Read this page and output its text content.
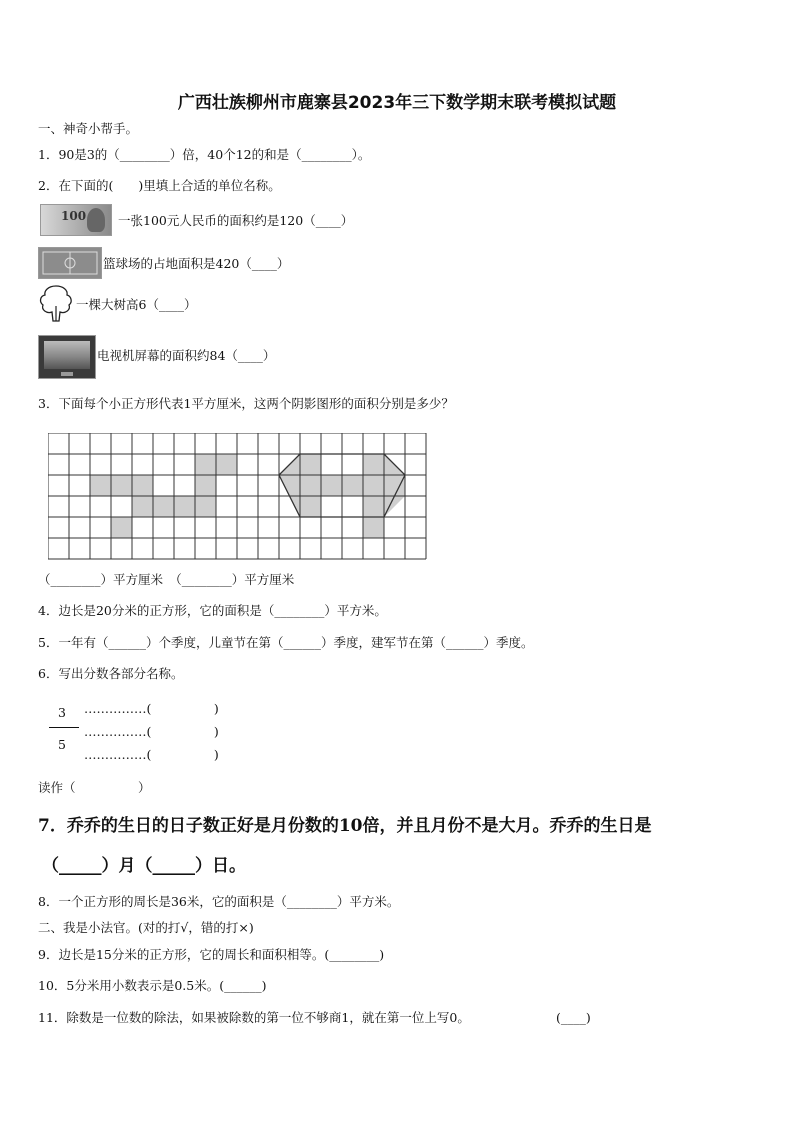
广西壮族柳州市鹿寨县2023年三下数学期末联考模拟试题
一、神奇小帮手。
1．90是3的（________）倍，40个12的和是（________）。
2．在下面的(　　)里填上合适的单位名称。
100	一张100元人民币的面积约是120（____）
篮球场的占地面积是420（____）
一棵大树高6（____）
电视机屏幕的面积约84（____）
3．下面每个小正方形代表1平方厘米，这两个阴影图形的面积分别是多少？
（________）平方厘米　（________）平方厘米
4．边长是20分米的正方形，它的面积是（________）平方米。
5．一年有（______）个季度，儿童节在第（______）季度，建军节在第（______）季度。
6．写出分数各部分名称。
3
5
……………(　　　　　)
……………(　　　　　)
……………(　　　　　)
读作（　　　　　）
7．乔乔的生日的日子数正好是月份数的10倍，并且月份不是大月。乔乔的生日是
（_____）月（_____）日。
8．一个正方形的周长是36米，它的面积是（________）平方米。
二、我是小法官。(对的打√，错的打×)
9．边长是15分米的正方形，它的周长和面积相等。(________)
10．5分米用小数表示是0.5米。(______)
11．除数是一位数的除法，如果被除数的第一位不够商1，就在第一位上写0。	(____)
